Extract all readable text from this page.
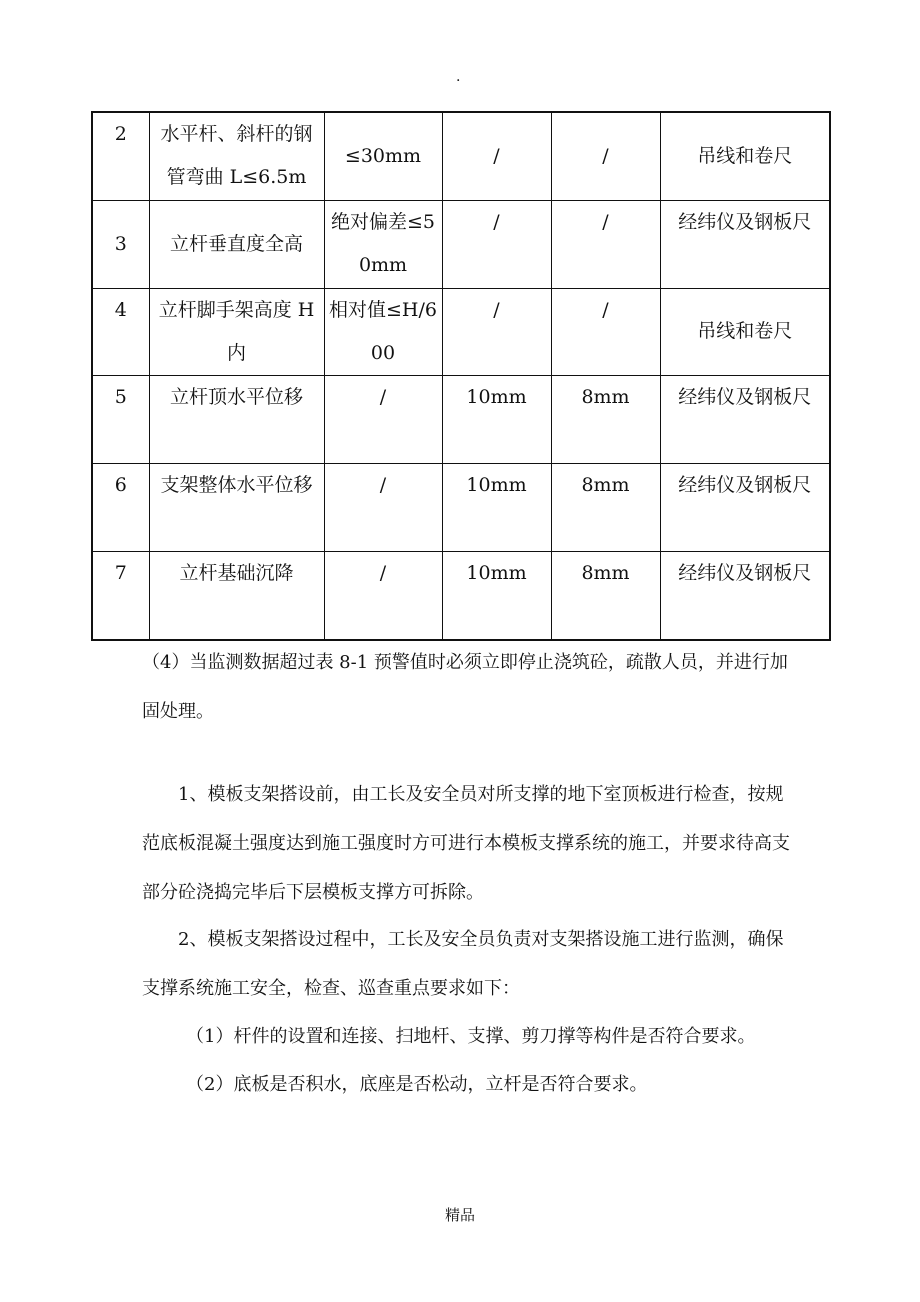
.
2	水平杆、斜杆的钢管弯曲 L≤6.5m	≤30mm	/	/	吊线和卷尺
3	立杆垂直度全高	绝对偏差≤50mm	/	/	经纬仪及钢板尺
4	立杆脚手架高度 H 内	相对值≤H/600	/	/	吊线和卷尺
5	立杆顶水平位移	/	10mm	8mm	经纬仪及钢板尺
6	支架整体水平位移	/	10mm	8mm	经纬仪及钢板尺
7	立杆基础沉降	/	10mm	8mm	经纬仪及钢板尺

（4）当监测数据超过表 8-1 预警值时必须立即停止浇筑砼，疏散人员，并进行加固处理。

1、模板支架搭设前，由工长及安全员对所支撑的地下室顶板进行检查，按规范底板混凝土强度达到施工强度时方可进行本模板支撑系统的施工，并要求待高支部分砼浇捣完毕后下层模板支撑方可拆除。

2、模板支架搭设过程中，工长及安全员负责对支架搭设施工进行监测，确保支撑系统施工安全，检查、巡查重点要求如下：

（1）杆件的设置和连接、扫地杆、支撑、剪刀撑等构件是否符合要求。

（2）底板是否积水，底座是否松动，立杆是否符合要求。

精品
